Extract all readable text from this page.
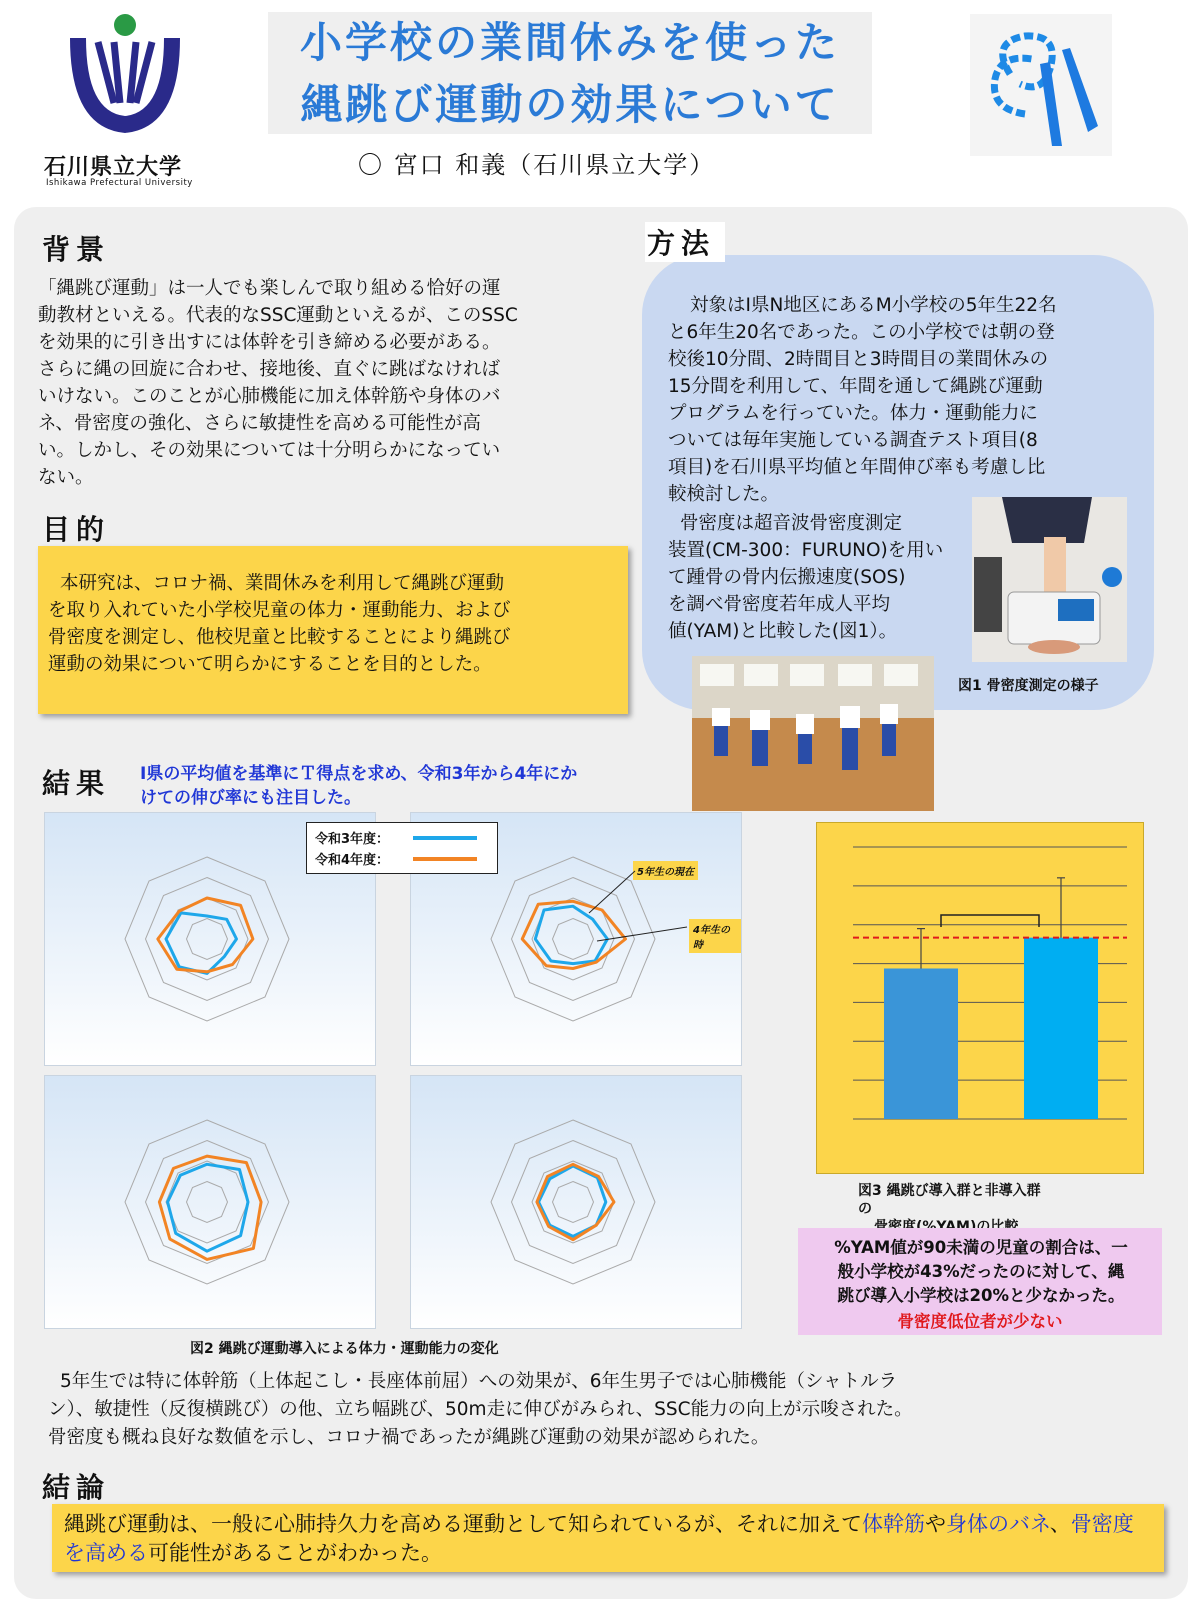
石川県立大学
Ishikawa Prefectural University
小学校の業間休みを使った
縄跳び運動の効果について
〇 宮口 和義（石川県立大学）
背景
「縄跳び運動」は一人でも楽しんで取り組める恰好の運
動教材といえる。代表的なSSC運動といえるが、このSSC
を効果的に引き出すには体幹を引き締める必要がある。
さらに縄の回旋に合わせ、接地後、直ぐに跳ばなければ
いけない。このことが心肺機能に加え体幹筋や身体のバ
ネ、骨密度の強化、さらに敏捷性を高める可能性が高
い。しかし、その効果については十分明らかになってい
ない。
目的
本研究は、コロナ禍、業間休みを利用して縄跳び運動
を取り入れていた小学校児童の体力・運動能力、および
骨密度を測定し、他校児童と比較することにより縄跳び
運動の効果について明らかにすることを目的とした。
方法
対象はI県N地区にあるM小学校の5年生22名
と6年生20名であった。この小学校では朝の登
校後10分間、2時間目と3時間目の業間休みの
15分間を利用して、年間を通して縄跳び運動
プログラムを行っていた。体力・運動能力に
ついては毎年実施している調査テスト項目(8
項目)を石川県平均値と年間伸び率も考慮し比
較検討した。
骨密度は超音波骨密度測定
装置(CM-300：FURUNO)を用い
て踵骨の骨内伝搬速度(SOS)
を調べ骨密度若年成人平均
値(YAM)と比較した(図1）。
図1 骨密度測定の様子
結果 I県の平均値を基準にＴ得点を求め、令和3年から4年にか
けての伸び率にも注目した。
5年生の現在
4年生の時
令和3年度：
令和4年度：
図2 縄跳び運動導入による体力・運動能力の変化
図3 縄跳び導入群と非導入群
の
%YAM値が90未満の児童の割合は、一
般小学校が43%だったのに対して、縄
跳び導入小学校は20%と少なかった。
骨密度低位者が少ない
5年生では特に体幹筋（上体起こし・長座体前屈）への効果が、6年生男子では心肺機能（シャトルラ
ン）、敏捷性（反復横跳び）の他、立ち幅跳び、50m走に伸びがみられ、SSC能力の向上が示唆された。
骨密度も概ね良好な数値を示し、コロナ禍であったが縄跳び運動の効果が認められた。
結論
縄跳び運動は、一般に心肺持久力を高める運動として知られているが、それに加えて体幹筋や身体のバネ、骨密度を高める可能性があることがわかった。
